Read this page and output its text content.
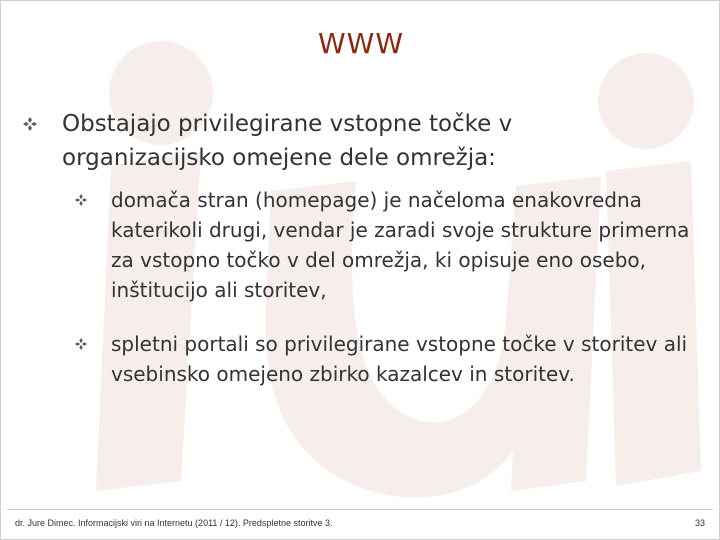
WWW
Obstajajo privilegirane vstopne točke v organizacijsko omejene dele omrežja:
domača stran (homepage) je načeloma enakovredna katerikoli drugi, vendar je zaradi svoje strukture primerna za vstopno točko v del omrežja, ki opisuje eno osebo, inštitucijo ali storitev,
spletni portali so privilegirane vstopne točke v storitev ali vsebinsko omejeno zbirko kazalcev in storitev.
dr. Jure Dimec. Informacijski viri na Internetu (2011 / 12). Predspletne storitve 3.	33
